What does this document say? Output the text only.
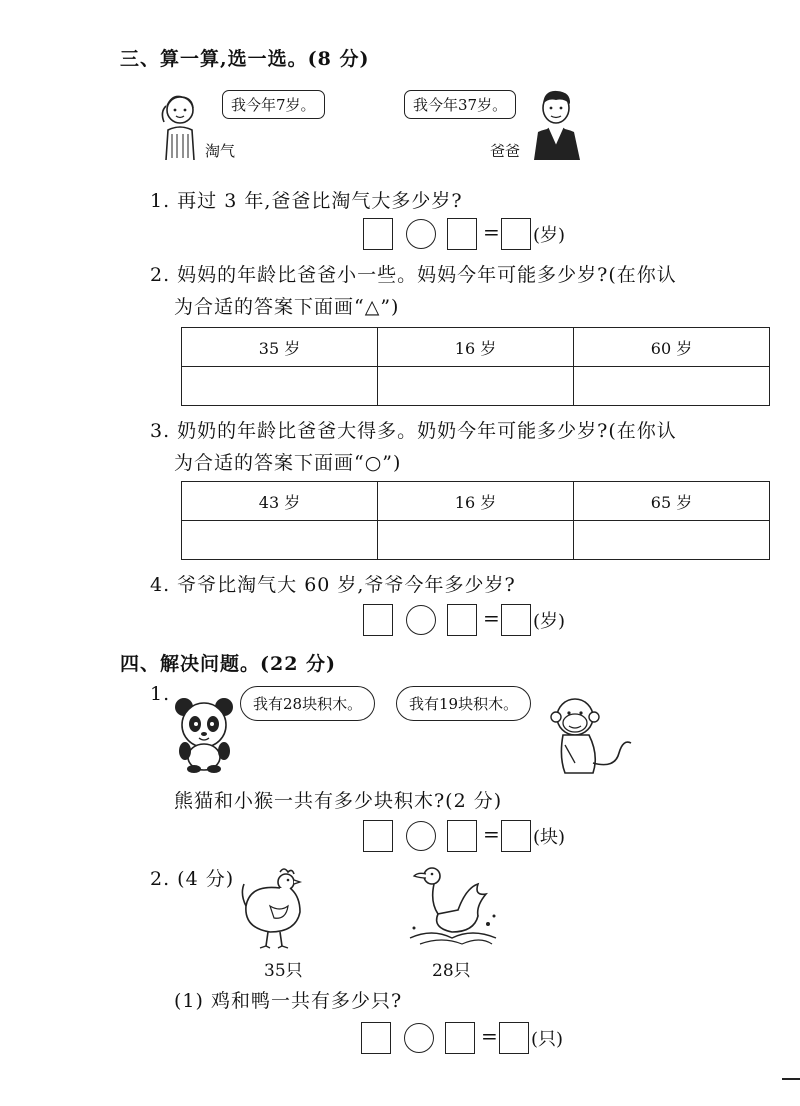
三、算一算,选一选。(8 分)
我今年7岁。
淘气
我今年37岁。
爸爸
1. 再过 3 年,爸爸比淘气大多少岁?
= (岁)
2. 妈妈的年龄比爸爸小一些。妈妈今年可能多少岁?(在你认
为合适的答案下面画“△”)
35 岁	16 岁	60 岁

3. 奶奶的年龄比爸爸大得多。奶奶今年可能多少岁?(在你认
为合适的答案下面画“○”)
43 岁	16 岁	65 岁

4. 爷爷比淘气大 60 岁,爷爷今年多少岁?
= (岁)
四、解决问题。(22 分)
1.	我有28块积木。	我有19块积木。
熊猫和小猴一共有多少块积木?(2 分)
= (块)
2. (4 分)
35只	28只
(1) 鸡和鸭一共有多少只?
= (只)
